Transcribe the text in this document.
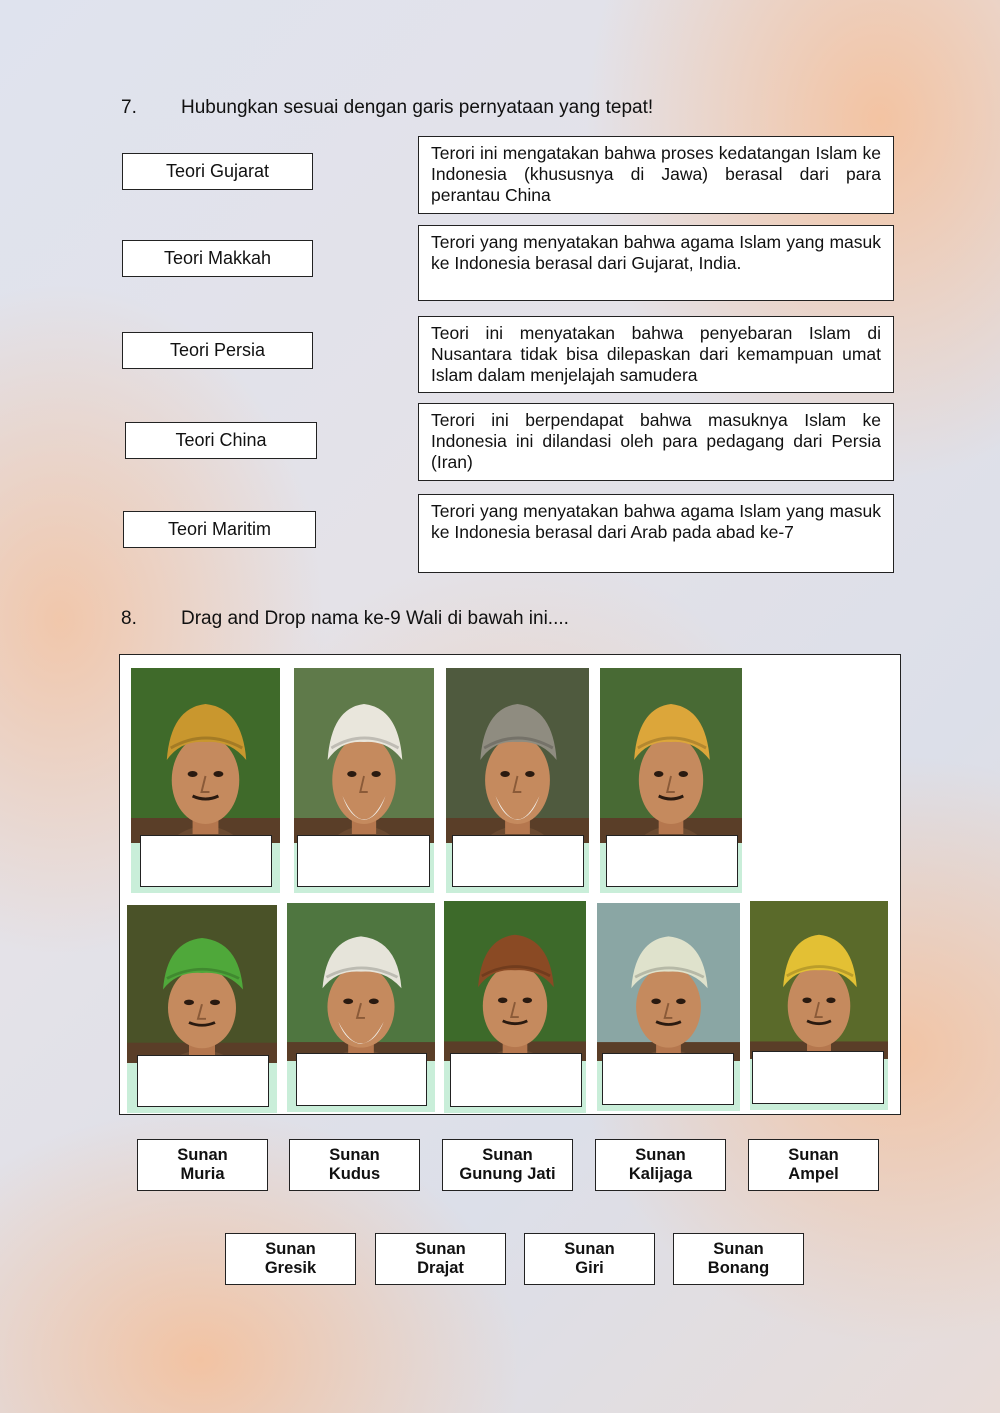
7. Hubungkan sesuai dengan garis pernyataan yang tepat!
Teori Gujarat
Teori Makkah
Teori Persia
Teori China
Teori Maritim
Terori ini mengatakan bahwa proses kedatangan Islam ke Indonesia (khususnya di Jawa) berasal dari para perantau China
Terori yang menyatakan bahwa agama Islam yang masuk ke Indonesia berasal dari Gujarat, India.
Teori ini menyatakan bahwa penyebaran Islam di Nusantara tidak bisa dilepaskan dari kemampuan umat Islam dalam menjelajah samudera
Terori ini berpendapat bahwa masuknya Islam ke Indonesia ini dilandasi oleh para pedagang dari Persia (Iran)
Terori yang menyatakan bahwa agama Islam yang masuk ke Indonesia berasal dari Arab pada abad ke-7
8. Drag and Drop nama ke-9 Wali di bawah ini....
Sunan
Muria
Sunan
Kudus
Sunan
Gunung Jati
Sunan
Kalijaga
Sunan
Ampel
Sunan
Gresik
Sunan
Drajat
Sunan
Giri
Sunan
Bonang
